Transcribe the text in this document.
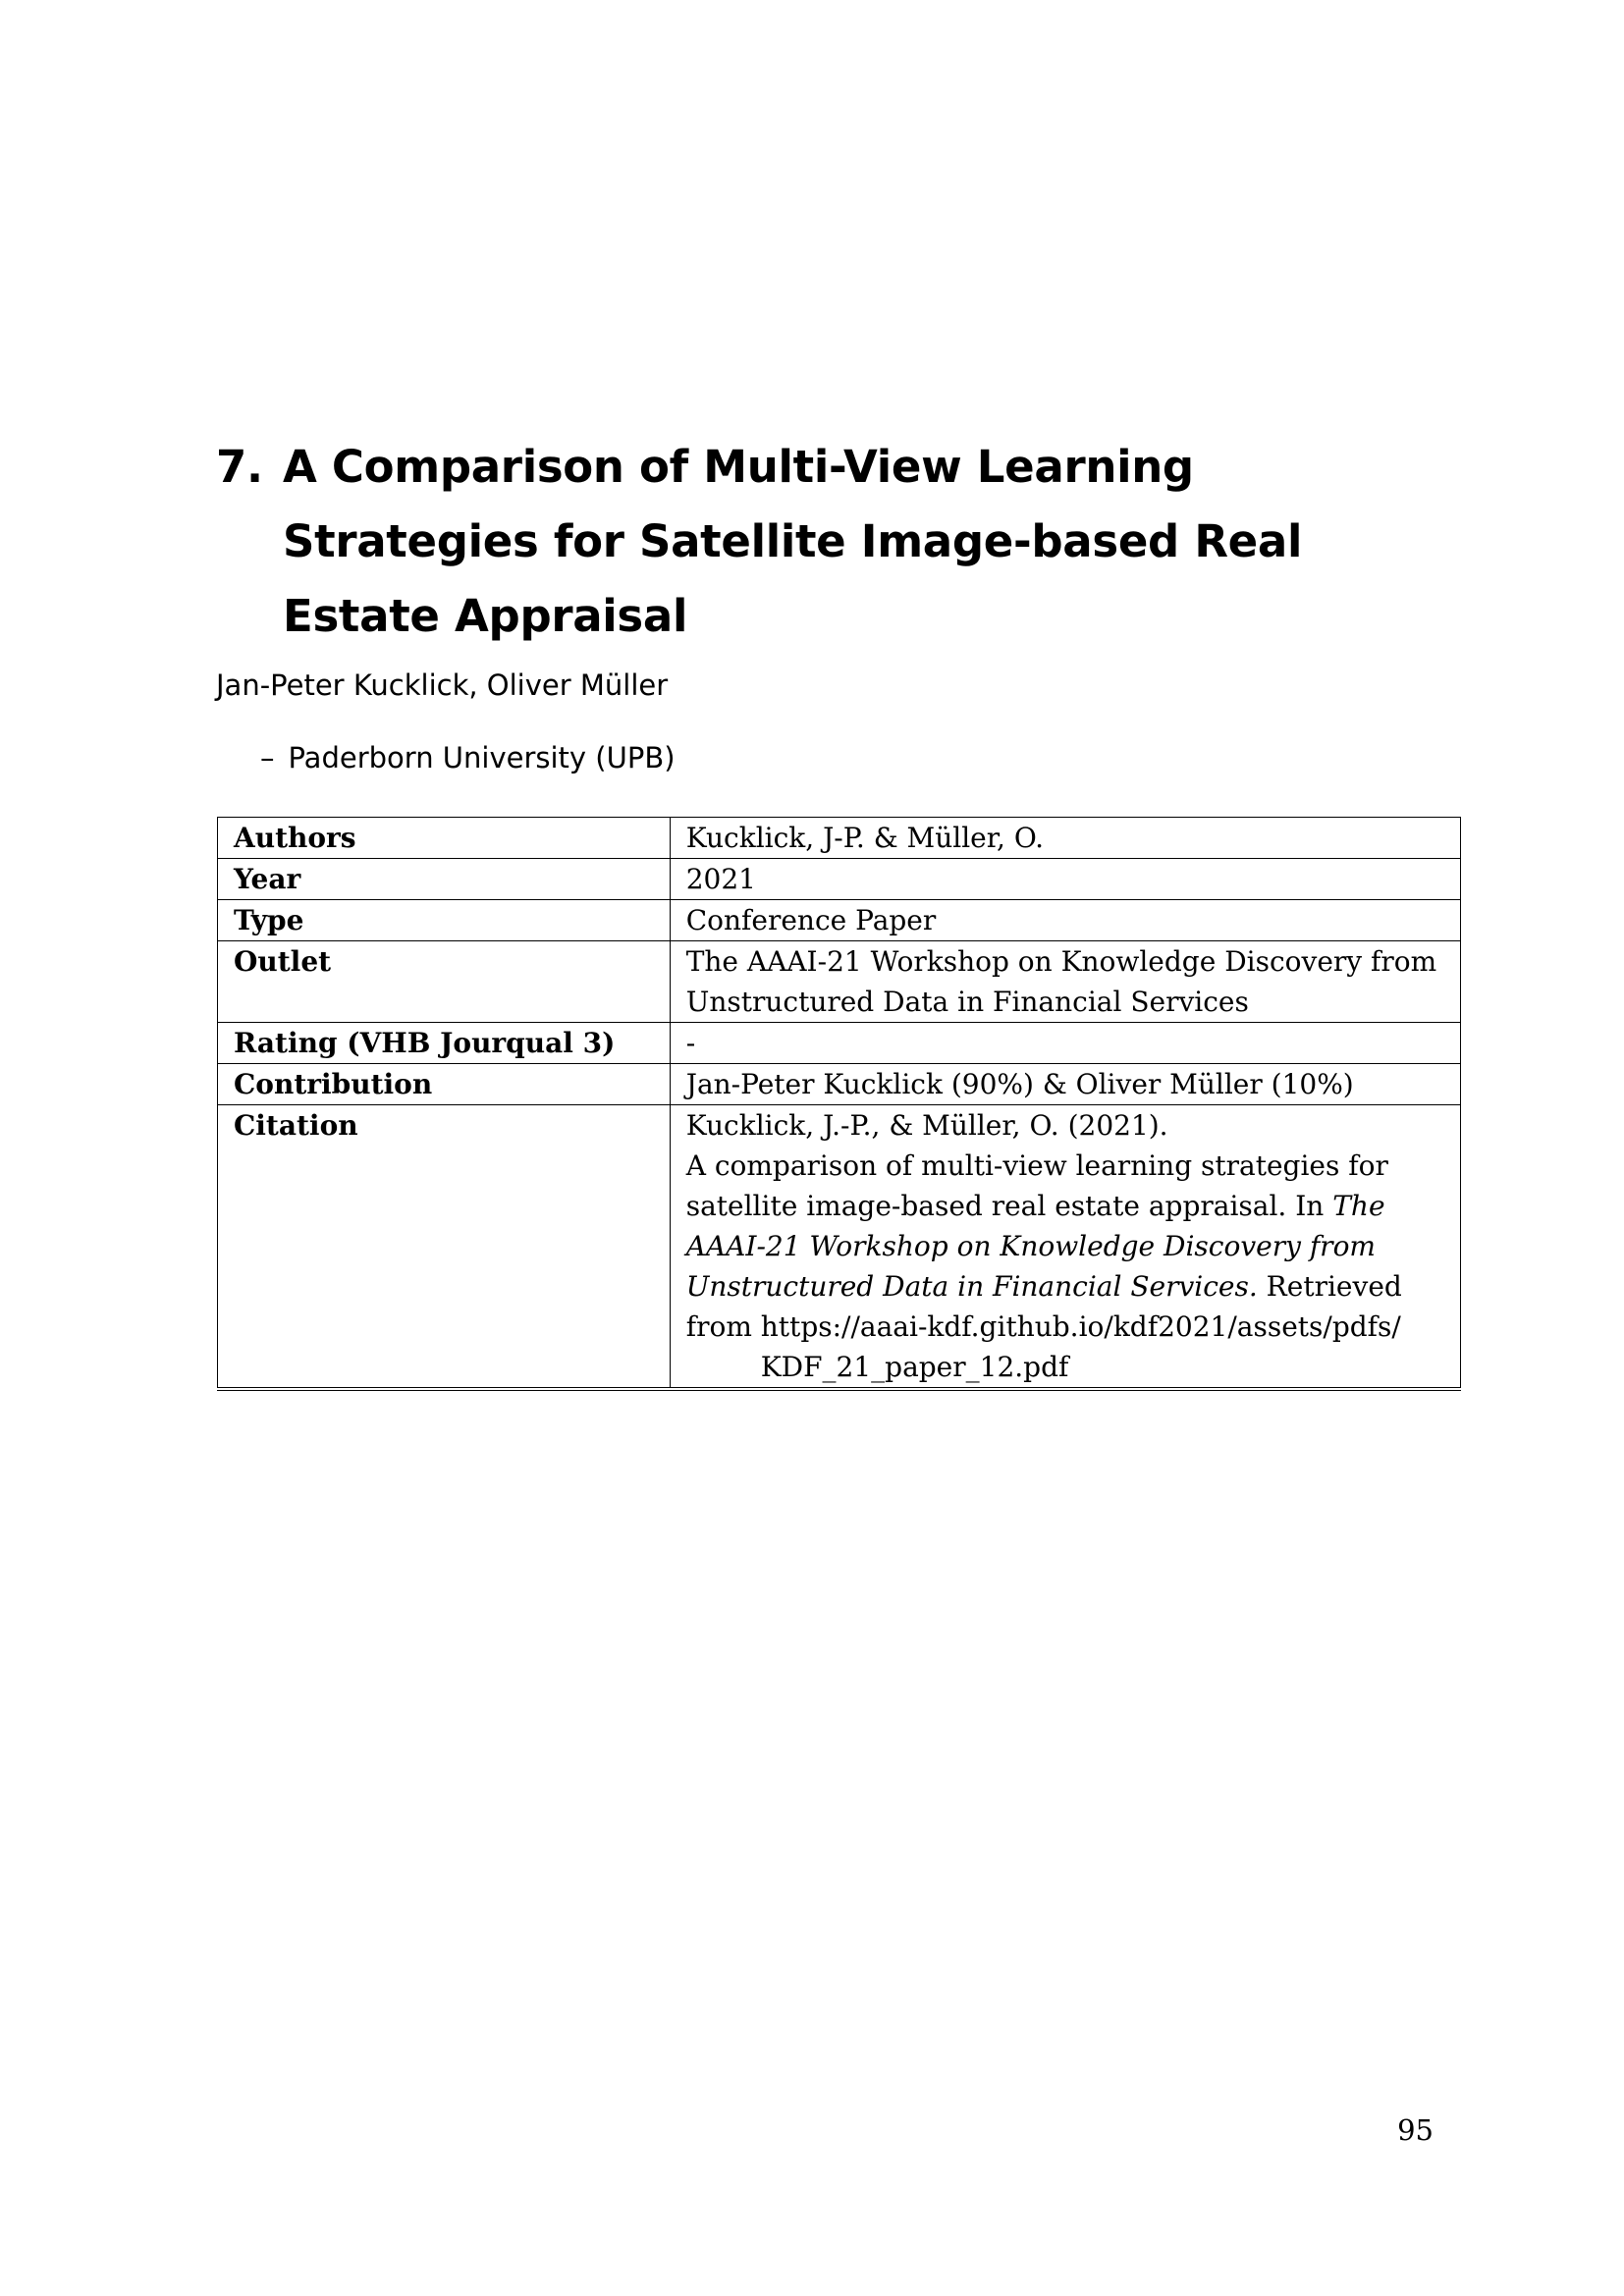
7. A Comparison of Multi-View Learning Strategies for Satellite Image-based Real Estate Appraisal
Jan-Peter Kucklick, Oliver Müller
– Paderborn University (UPB)
Authors	Kucklick, J-P. & Müller, O.
Year	2021
Type	Conference Paper
Outlet	The AAAI-21 Workshop on Knowledge Discovery from Unstructured Data in Financial Services
Rating (VHB Jourqual 3)	-
Contribution	Jan-Peter Kucklick (90%) & Oliver Müller (10%)
Citation	Kucklick, J.-P., & Müller, O. (2021).
A comparison of multi-view learning strategies for satellite image-based real estate appraisal. In The AAAI-21 Workshop on Knowledge Discovery from Unstructured Data in Financial Services. Retrieved from https://aaai-kdf.github.io/kdf2021/assets/pdfs/
KDF_21_paper_12.pdf
95
